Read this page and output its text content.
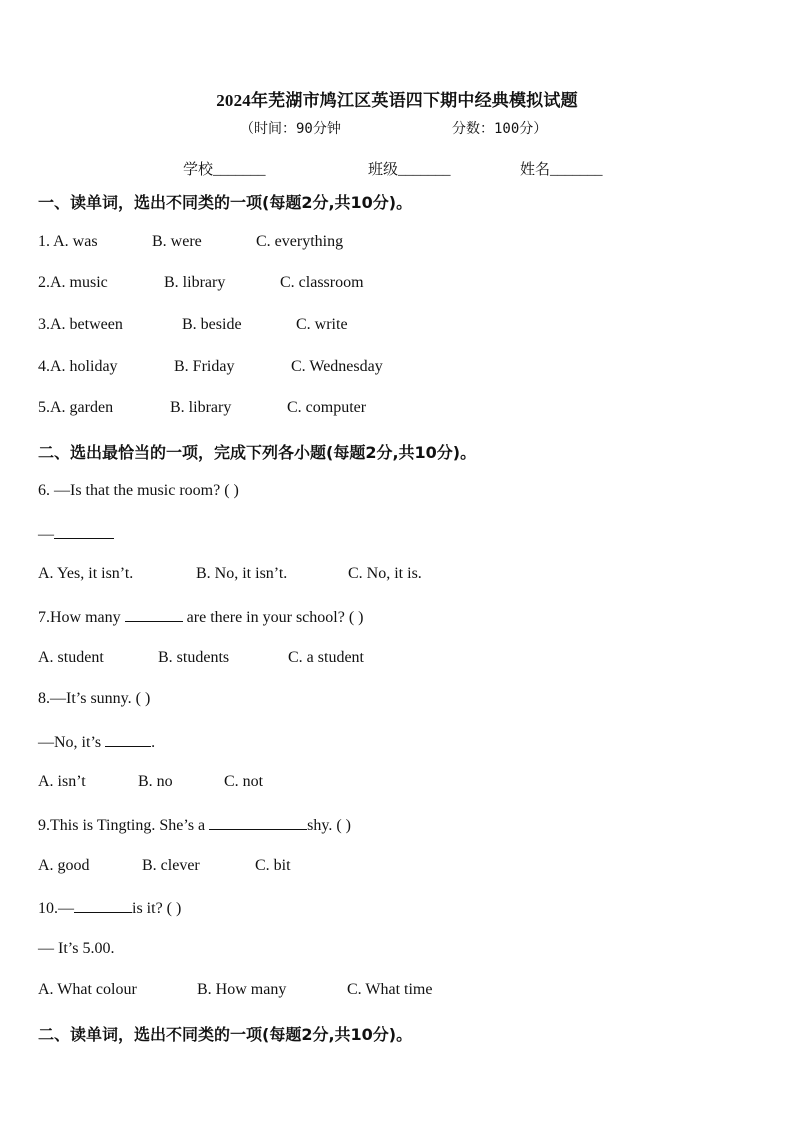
2024年芜湖市鸠江区英语四下期中经典模拟试题
（时间：90分钟	分数：100分）
学校_______	班级_______	姓名_______
一、读单词，选出不同类的一项(每题2分,共10分)。
1. A. was	B. were	C. everything
2.A. music	B. library	C. classroom
3.A. between	B. beside	C. write
4.A. holiday	B. Friday	C. Wednesday
5.A. garden	B. library	C. computer
二、选出最恰当的一项，完成下列各小题(每题2分,共10分)。
6. —Is that the music room? ( )
—
A. Yes, it isn’t.	B. No, it isn’t.	C. No, it is.
7.How many	are there in your school? ( )
A. student	B. students	C. a student
8.—It’s sunny. ( )
—No, it’s	.
A. isn’t	B. no	C. not
9.This is Tingting. She’s a	shy. ( )
A. good	B. clever	C. bit
10.—	is it? ( )
— It’s 5.00.
A. What colour	B. How many	C. What time
二、读单词，选出不同类的一项(每题2分,共10分)。
